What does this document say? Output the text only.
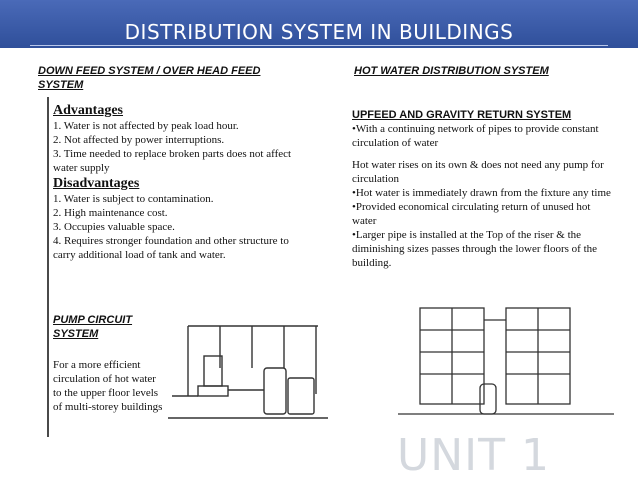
DISTRIBUTION SYSTEM IN BUILDINGS
DOWN FEED SYSTEM / OVER HEAD FEED SYSTEM
Advantages

1. Water is not affected by peak load hour.

2. Not affected by power interruptions.

3. Time needed to replace broken parts does not affect water supply

Disadvantages

1. Water is subject to contamination.

2. High maintenance cost.

3. Occupies valuable space.

4. Requires stronger foundation and other structure to carry additional load of tank and water.

PUMP CIRCUIT SYSTEM
For a more efficient circulation of hot water to the upper floor levels of multi-storey buildings
HOT WATER DISTRIBUTION SYSTEM
UPFEED AND GRAVITY RETURN SYSTEM
•With a continuing network of pipes to provide constant circulation of water

Hot water rises on its own & does not need any pump for circulation

•Hot water is immediately drawn from the fixture any time

•Provided economical circulating return of unused hot water

•Larger pipe is installed at the Top of the riser & the diminishing sizes passes through the lower floors of the building.

UNIT 1
